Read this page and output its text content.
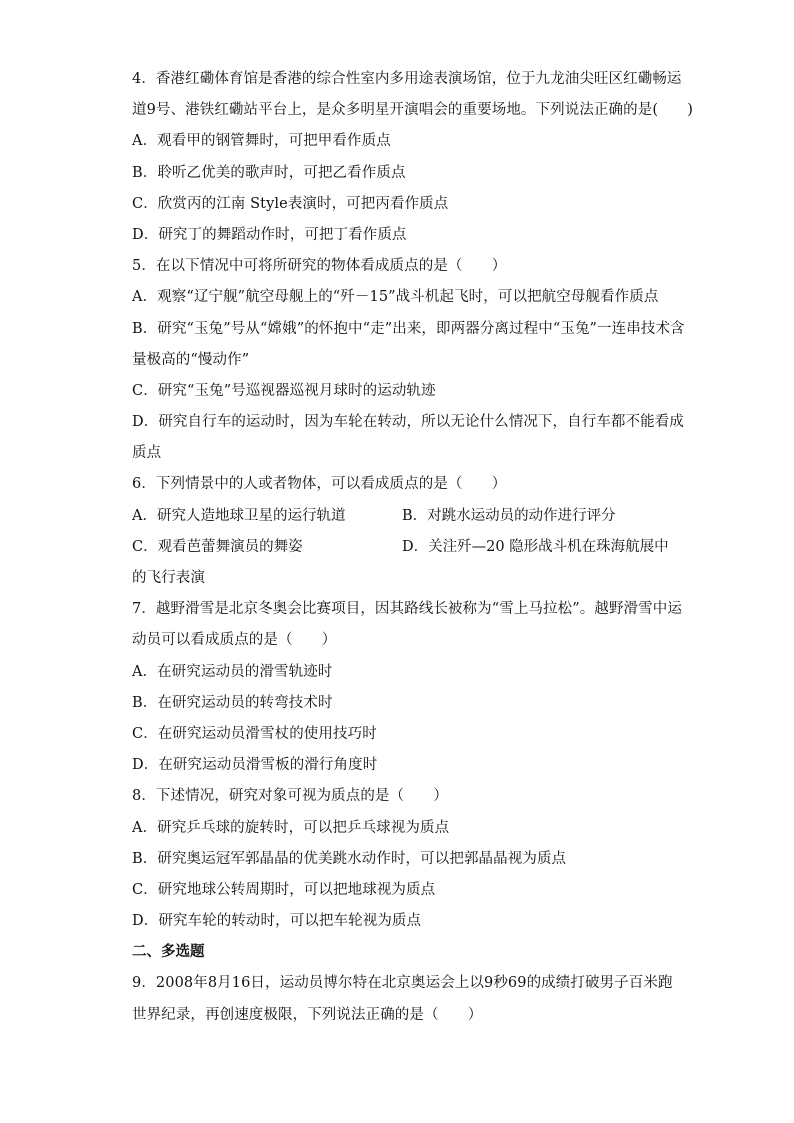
4．香港红磡体育馆是香港的综合性室内多用途表演场馆，位于九龙油尖旺区红磡畅运
道9号、港铁红磡站平台上，是众多明星开演唱会的重要场地。下列说法正确的是(　　)
A．观看甲的钢管舞时，可把甲看作质点
B．聆听乙优美的歌声时，可把乙看作质点
C．欣赏丙的江南 Style表演时，可把丙看作质点
D．研究丁的舞蹈动作时，可把丁看作质点
5．在以下情况中可将所研究的物体看成质点的是（　　）
A．观察“辽宁舰”航空母舰上的“歼－15”战斗机起飞时，可以把航空母舰看作质点
B．研究“玉兔”号从“嫦娥”的怀抱中“走”出来，即两器分离过程中“玉兔”一连串技术含
量极高的“慢动作”
C．研究“玉兔”号巡视器巡视月球时的运动轨迹
D．研究自行车的运动时，因为车轮在转动，所以无论什么情况下，自行车都不能看成
质点
6．下列情景中的人或者物体，可以看成质点的是（　　）
A．研究人造地球卫星的运行轨道	B．对跳水运动员的动作进行评分
C．观看芭蕾舞演员的舞姿	D．关注歼—20 隐形战斗机在珠海航展中
的飞行表演
7．越野滑雪是北京冬奥会比赛项目，因其路线长被称为“雪上马拉松”。越野滑雪中运
动员可以看成质点的是（　　）
A．在研究运动员的滑雪轨迹时
B．在研究运动员的转弯技术时
C．在研究运动员滑雪杖的使用技巧时
D．在研究运动员滑雪板的滑行角度时
8．下述情况，研究对象可视为质点的是（　　）
A．研究乒乓球的旋转时，可以把乒乓球视为质点
B．研究奥运冠军郭晶晶的优美跳水动作时，可以把郭晶晶视为质点
C．研究地球公转周期时，可以把地球视为质点
D．研究车轮的转动时，可以把车轮视为质点
二、多选题
9．2008年8月16日，运动员博尔特在北京奥运会上以9秒69的成绩打破男子百米跑
世界纪录，再创速度极限，下列说法正确的是（　　）
